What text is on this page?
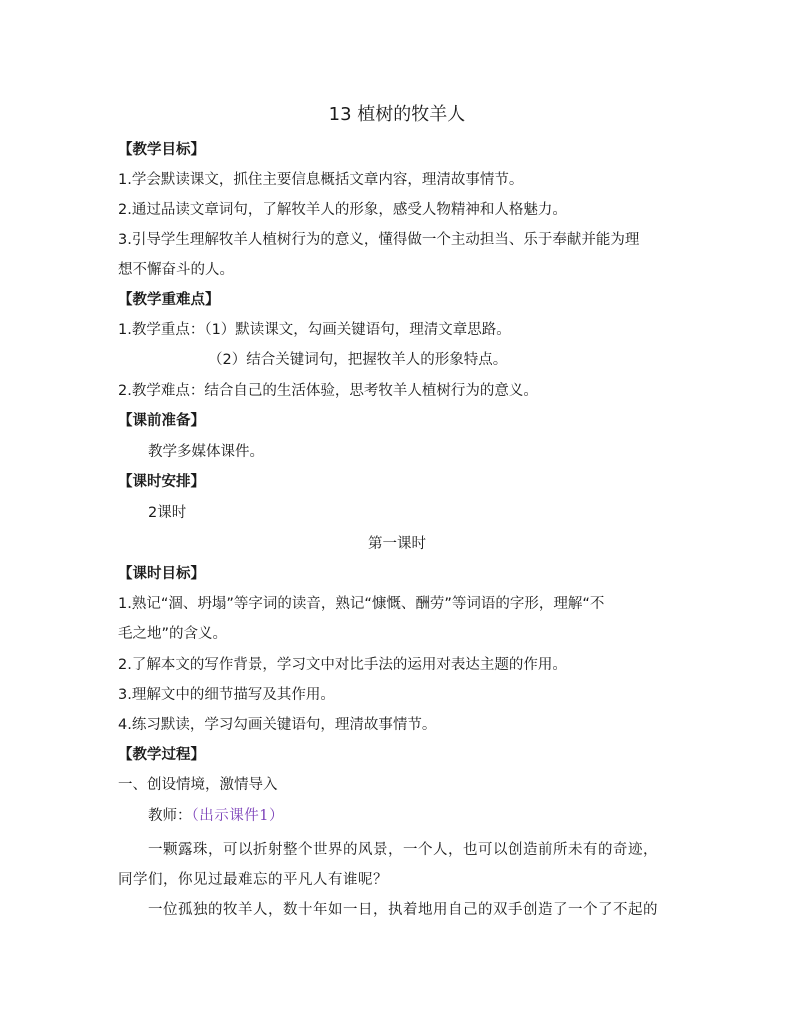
13 植树的牧羊人
【教学目标】
1.学会默读课文，抓住主要信息概括文章内容，理清故事情节。
2.通过品读文章词句，了解牧羊人的形象，感受人物精神和人格魅力。
3.引导学生理解牧羊人植树行为的意义，懂得做一个主动担当、乐于奉献并能为理
想不懈奋斗的人。
【教学重难点】
1.教学重点：（1）默读课文，勾画关键语句，理清文章思路。
（2）结合关键词句，把握牧羊人的形象特点。
2.教学难点：结合自己的生活体验，思考牧羊人植树行为的意义。
【课前准备】
教学多媒体课件。
【课时安排】
2课时
第一课时
【课时目标】
1.熟记“涸、坍塌”等字词的读音，熟记“慷慨、酬劳”等词语的字形，理解“不
毛之地”的含义。
2.了解本文的写作背景，学习文中对比手法的运用对表达主题的作用。
3.理解文中的细节描写及其作用。
4.练习默读，学习勾画关键语句，理清故事情节。
【教学过程】
一、创设情境，激情导入
教师：（出示课件1）
一颗露珠，可以折射整个世界的风景，一个人，也可以创造前所未有的奇迹，
同学们，你见过最难忘的平凡人有谁呢？
一位孤独的牧羊人，数十年如一日，执着地用自己的双手创造了一个了不起的
